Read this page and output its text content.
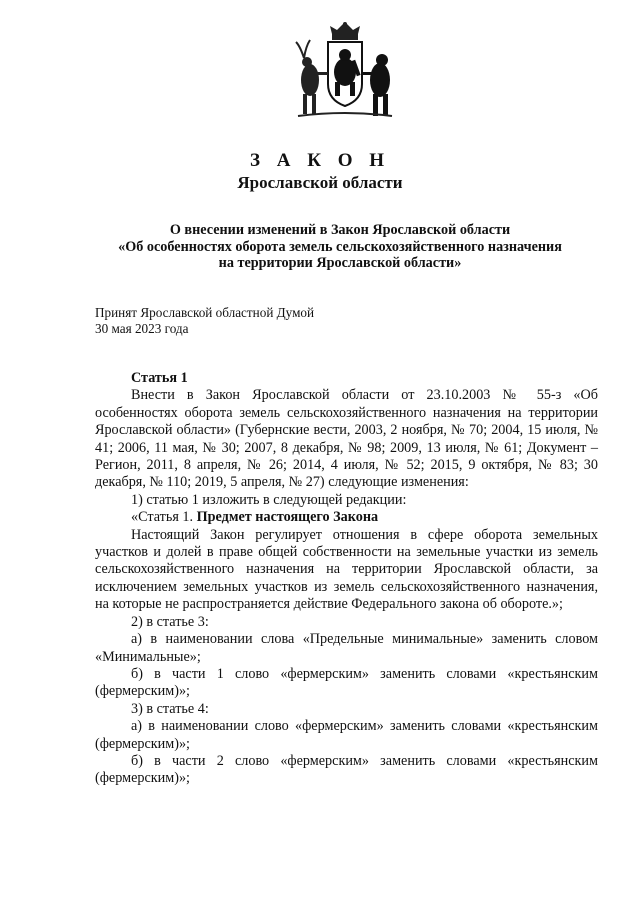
З А К О Н
Ярославской области
О внесении изменений в Закон Ярославской области
«Об особенностях оборота земель сельскохозяйственного назначения
на территории Ярославской области»
Принят Ярославской областной Думой
30 мая 2023 года

Статья 1

Внести в Закон Ярославской области от 23.10.2003 № 55-з «Об особенностях оборота земель сельскохозяйственного назначения на территории Ярославской области» (Губернские вести, 2003, 2 ноября, № 70; 2004, 15 июля, № 41; 2006, 11 мая, № 30; 2007, 8 декабря, № 98; 2009, 13 июля, № 61; Документ – Регион, 2011, 8 апреля, № 26; 2014, 4 июля, № 52; 2015, 9 октября, № 83; 30 декабря, № 110; 2019, 5 апреля, № 27) следующие изменения:

1) статью 1 изложить в следующей редакции:

«Статья 1. Предмет настоящего Закона

Настоящий Закон регулирует отношения в сфере оборота земельных участков и долей в праве общей собственности на земельные участки из земель сельскохозяйственного назначения на территории Ярославской области, за исключением земельных участков из земель сельскохозяйственного назначения, на которые не распространяется действие Федерального закона об обороте.»;

2) в статье 3:

а) в наименовании слова «Предельные минимальные» заменить словом «Минимальные»;

б) в части 1 слово «фермерским» заменить словами «крестьянским (фермерским)»;

3) в статье 4:

а) в наименовании слово «фермерским» заменить словами «крестьянским (фермерским)»;

б) в части 2 слово «фермерским» заменить словами «крестьянским (фермерским)»;
